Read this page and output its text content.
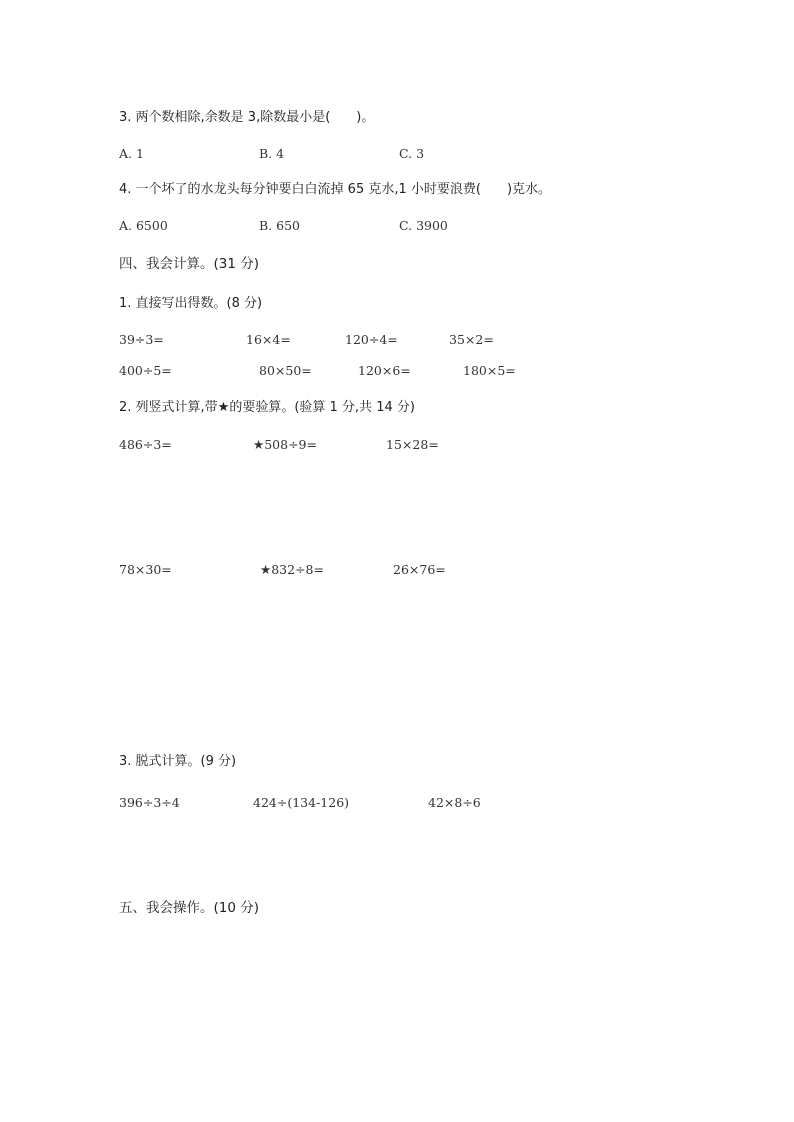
3. 两个数相除,余数是 3,除数最小是(　　)。
A. 1	B. 4	C. 3
4. 一个坏了的水龙头每分钟要白白流掉 65 克水,1 小时要浪费(　　)克水。
A. 6500	B. 650	C. 3900
四、我会计算。(31 分)
1. 直接写出得数。(8 分)
39÷3=	16×4=	120÷4=	35×2=
400÷5=	80×50=	120×6=	180×5=
2. 列竖式计算,带★的要验算。(验算 1 分,共 14 分)
486÷3=	★508÷9=	15×28=
78×30=	★832÷8=	26×76=
3. 脱式计算。(9 分)
396÷3÷4	424÷(134-126)	42×8÷6
五、我会操作。(10 分)
